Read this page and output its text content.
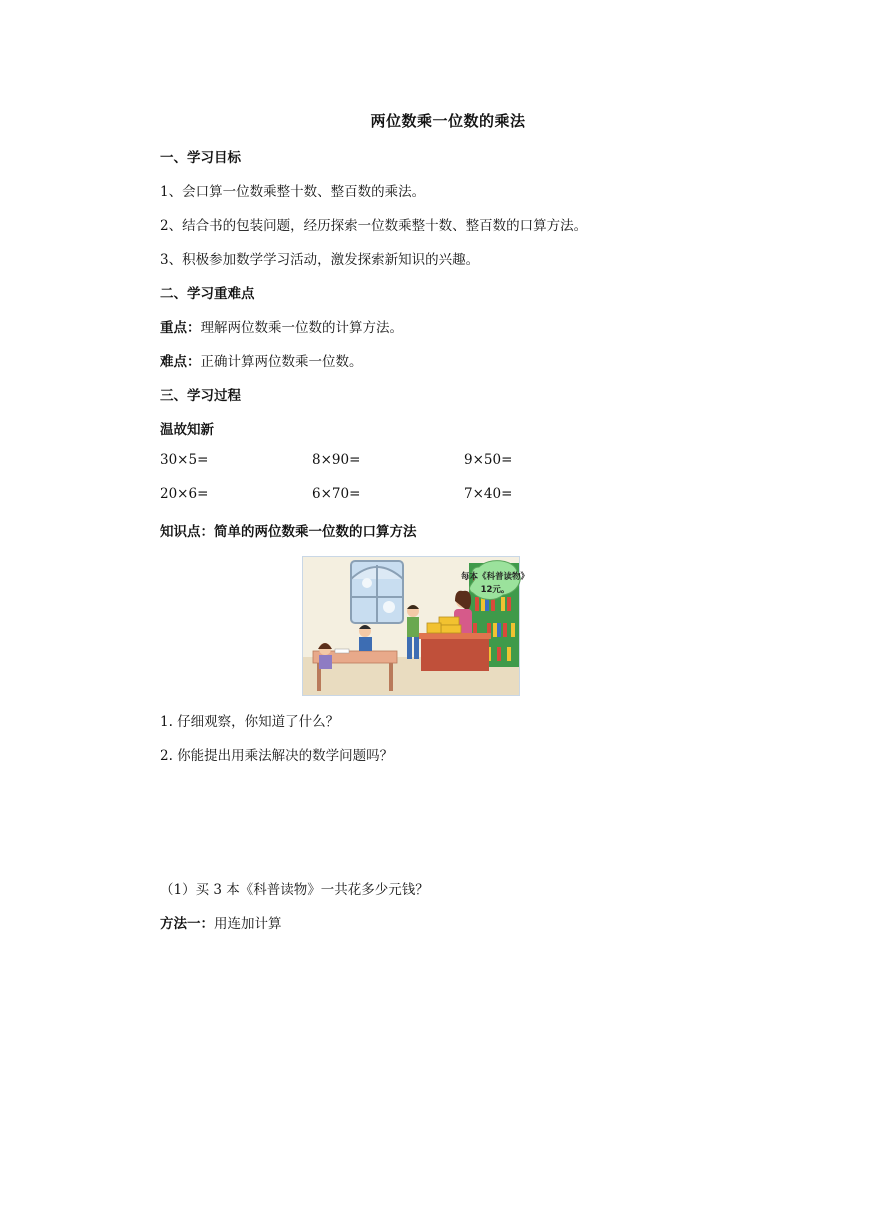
两位数乘一位数的乘法
一、学习目标
1、会口算一位数乘整十数、整百数的乘法。
2、结合书的包装问题，经历探索一位数乘整十数、整百数的口算方法。
3、积极参加数学学习活动，激发探索新知识的兴趣。
二、学习重难点
重点：理解两位数乘一位数的计算方法。
难点：正确计算两位数乘一位数。
三、学习过程
温故知新
30×5=	8×90=	9×50=
20×6=	6×70=	7×40=
知识点：简单的两位数乘一位数的口算方法
每本《科普读物》
12元。
1. 仔细观察，你知道了什么？
2. 你能提出用乘法解决的数学问题吗？
（1）买 3 本《科普读物》一共花多少元钱？
方法一：用连加计算
